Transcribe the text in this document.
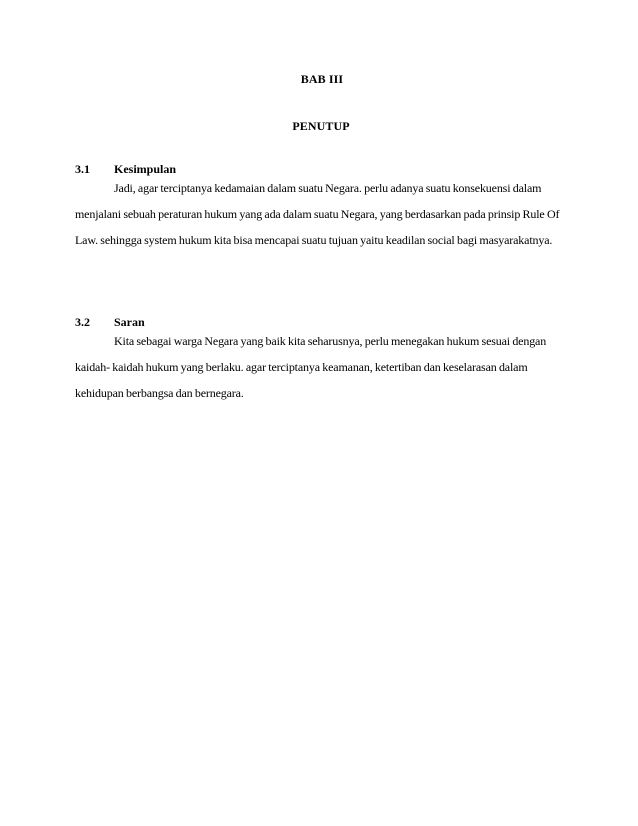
BAB III
PENUTUP
3.1 Kesimpulan

Jadi, agar terciptanya kedamaian dalam suatu Negara. perlu adanya suatu konsekuensi dalam menjalani sebuah peraturan hukum yang ada dalam suatu Negara, yang berdasarkan pada prinsip Rule Of Law. sehingga system hukum kita bisa mencapai suatu tujuan yaitu keadilan social bagi masyarakatnya.

3.2 Saran

Kita sebagai warga Negara yang baik kita seharusnya, perlu menegakan hukum sesuai dengan kaidah- kaidah hukum yang berlaku. agar terciptanya keamanan, ketertiban dan keselarasan dalam kehidupan berbangsa dan bernegara.
